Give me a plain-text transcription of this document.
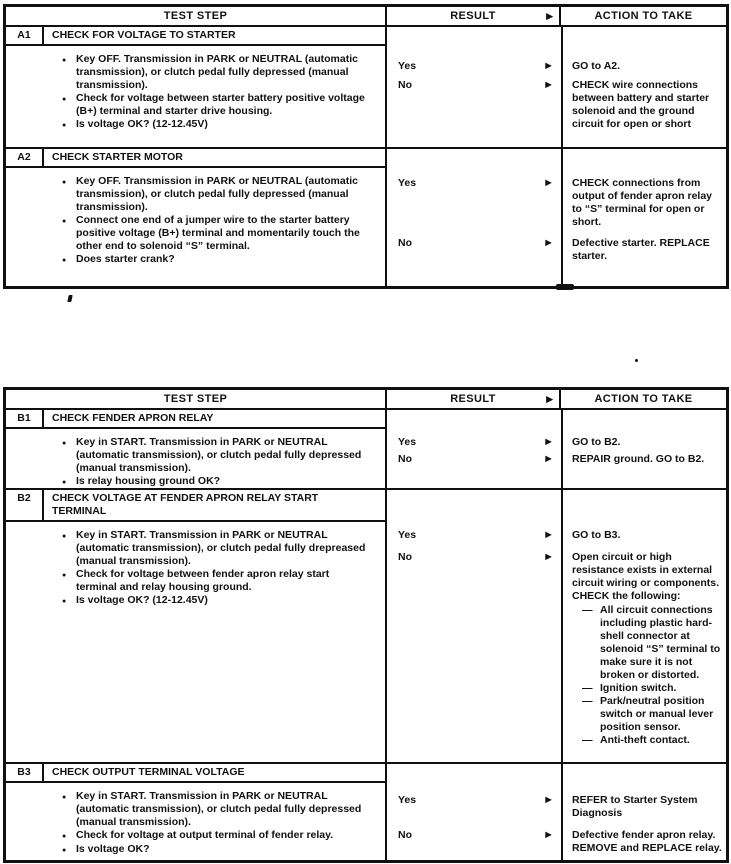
TEST STEP	RESULT	►	ACTION TO TAKE
A1	CHECK FOR VOLTAGE TO STARTER
● Key OFF. Transmission in PARK or NEUTRAL (automatic transmission), or clutch pedal fully depressed (manual transmission).
● Check for voltage between starter battery positive voltage (B+) terminal and starter drive housing.
● Is voltage OK? (12-12.45V)
Yes	► GO to A2.

No	► CHECK wire connections between battery and starter solenoid and the ground circuit for open or short

A2	CHECK STARTER MOTOR
● Key OFF. Transmission in PARK or NEUTRAL (automatic transmission), or clutch pedal fully depressed (manual transmission).
● Connect one end of a jumper wire to the starter battery positive voltage (B+) terminal and momentarily touch the other end to solenoid “S” terminal.
● Does starter crank?
Yes	► CHECK connections from output of fender apron relay to “S” terminal for open or short.

No	► Defective starter. REPLACE starter.

TEST STEP	RESULT	►	ACTION TO TAKE
B1	CHECK FENDER APRON RELAY
● Key in START. Transmission in PARK or NEUTRAL (automatic transmission), or clutch pedal fully depressed (manual transmission).
● Is relay housing ground OK?
Yes	► GO to B2.

No	► REPAIR ground. GO to B2.

B2	CHECK VOLTAGE AT FENDER APRON RELAY START TERMINAL
● Key in START. Transmission in PARK or NEUTRAL (automatic transmission), or clutch pedal fully drepreased (manual transmission).
● Check for voltage between fender apron relay start terminal and relay housing ground.
● Is voltage OK? (12-12.45V)
Yes	► GO to B3.

No	► Open circuit or high resistance exists in external circuit wiring or components. CHECK the following:

— All circuit connections including plastic hard-shell connector at solenoid “S” terminal to make sure it is not broken or distorted.
— Ignition switch.
— Park/neutral position switch or manual lever position sensor.
— Anti-theft contact.
B3	CHECK OUTPUT TERMINAL VOLTAGE
● Key in START. Transmission in PARK or NEUTRAL (automatic transmission), or clutch pedal fully depressed (manual transmission).
● Check for voltage at output terminal of fender relay.
● Is voltage OK?
Yes	► REFER to Starter System Diagnosis

No	► Defective fender apron relay. REMOVE and REPLACE relay.
